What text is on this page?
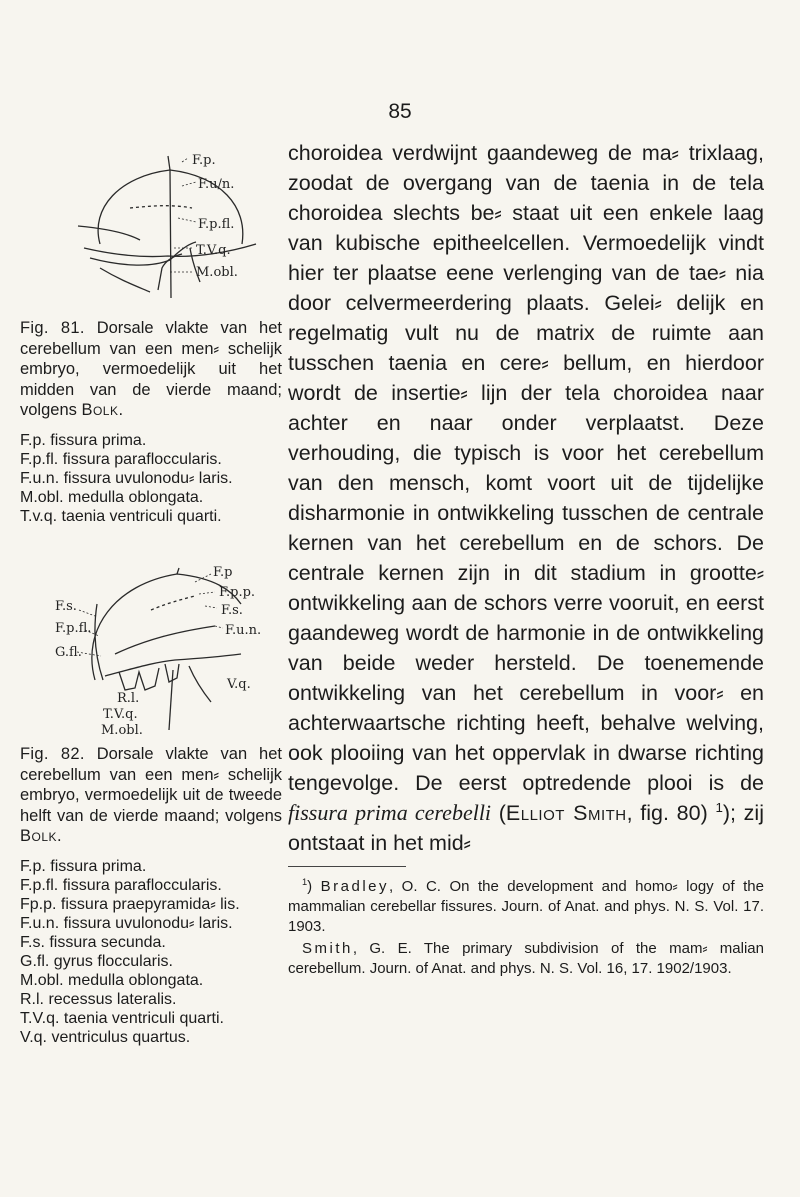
85
F.p.
F.u/n.
F.p.fl.
T.V.q.
M.obl.
Fig. 81. Dorsale vlakte van het cerebellum van een men⸗ schelijk embryo, vermoedelijk uit het midden van de vierde maand; volgens Bolk.
F.p. fissura prima.
F.p.fl. fissura parafloccularis.
F.u.n. fissura uvulonodu⸗ laris.
M.obl. medulla oblongata.
T.v.q. taenia ventriculi quarti.
F.p
F.p.p.
F.s.
F.u.n.
F.s.
F.p.fl.
G.fl.
R.l.
T.V.q.
V.q.
M.obl.
Fig. 82. Dorsale vlakte van het cerebellum van een men⸗ schelijk embryo, vermoedelijk uit de tweede helft van de vierde maand; volgens Bolk.
F.p. fissura prima.
F.p.fl. fissura parafloccularis.
Fp.p. fissura praepyramida⸗ lis.
F.u.n. fissura uvulonodu⸗ laris.
F.s. fissura secunda.
G.fl. gyrus floccularis.
M.obl. medulla oblongata.
R.l. recessus lateralis.
T.V.q. taenia ventriculi quarti.
V.q. ventriculus quartus.

choroidea verdwijnt gaandeweg de ma⸗ trixlaag, zoodat de overgang van de taenia in de tela choroidea slechts be⸗ staat uit een enkele laag van kubische epitheelcellen. Vermoedelijk vindt hier ter plaatse eene verlenging van de tae⸗ nia door celvermeerdering plaats. Gelei⸗ delijk en regelmatig vult nu de matrix de ruimte aan tusschen taenia en cere⸗ bellum, en hierdoor wordt de insertie⸗ lijn der tela choroidea naar achter en naar onder verplaatst. Deze verhouding, die typisch is voor het cerebellum van den mensch, komt voort uit de tijdelijke disharmonie in ontwikkeling tusschen de centrale kernen van het cerebellum en de schors. De centrale kernen zijn in dit stadium in grootte⸗ontwikkeling aan de schors verre vooruit, en eerst gaandeweg wordt de harmonie in de ontwikkeling van beide weder hersteld. De toenemende ontwikkeling van het cerebellum in voor⸗ en achterwaartsche richting heeft, behalve welving, ook plooiing van het oppervlak in dwarse richting tengevolge. De eerst optredende plooi is de fissura prima cerebelli (Elliot Smith, fig. 80) $^1$); zij ontstaat in het mid⸗

$^1$) Bradley, O. C. On the development and homo⸗ logy of the mammalian cerebellar fissures. Journ. of Anat. and phys. N. S. Vol. 17. 1903.

Smith, G. E. The primary subdivision of the mam⸗ malian cerebellum. Journ. of Anat. and phys. N. S. Vol. 16, 17. 1902/1903.
